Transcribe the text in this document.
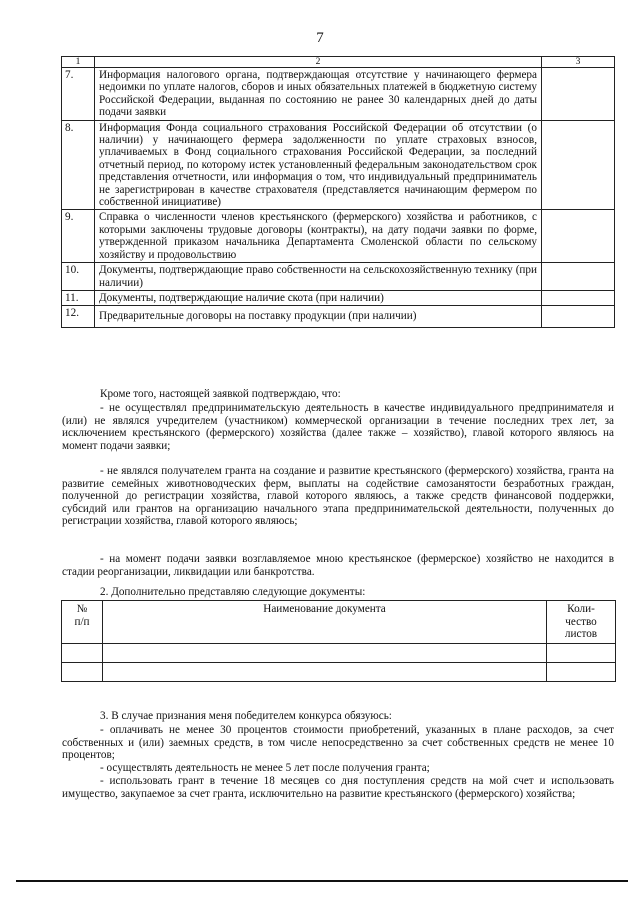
7
1	2	3
7.	Информация налогового органа, подтверждающая отсутствие у начинающего фермера недоимки по уплате налогов, сборов и иных обязательных платежей в бюджетную систему Российской Федерации, выданная по состоянию не ранее 30 календарных дней до даты подачи заявки	
8.	Информация Фонда социального страхования Российской Федерации об отсутствии (о наличии) у начинающего фермера задолженности по уплате страховых взносов, уплачиваемых в Фонд социального страхования Российской Федерации, за последний отчетный период, по которому истек установленный федеральным законодательством срок представления отчетности, или информация о том, что индивидуальный предприниматель не зарегистрирован в качестве страхователя (представляется начинающим фермером по собственной инициативе)	
9.	Справка о численности членов крестьянского (фермерского) хозяйства и работников, с которыми заключены трудовые договоры (контракты), на дату подачи заявки по форме, утвержденной приказом начальника Департамента Смоленской области по сельскому хозяйству и продовольствию	
10.	Документы, подтверждающие право собственности на сельскохозяйственную технику (при наличии)	
11.	Документы, подтверждающие наличие скота (при наличии)	
12.	Предварительные договоры на поставку продукции (при наличии)	

Кроме того, настоящей заявкой подтверждаю, что:

- не осуществлял предпринимательскую деятельность в качестве индивидуального предпринимателя и (или) не являлся учредителем (участником) коммерческой организации в течение последних трех лет, за исключением крестьянского (фермерского) хозяйства (далее также – хозяйство), главой которого являюсь на момент подачи заявки;

- не являлся получателем гранта на создание и развитие крестьянского (фермерского) хозяйства, гранта на развитие семейных животноводческих ферм, выплаты на содействие самозанятости безработных граждан, полученной до регистрации хозяйства, главой которого являюсь, а также средств финансовой поддержки, субсидий или грантов на организацию начального этапа предпринимательской деятельности, полученных до регистрации хозяйства, главой которого являюсь;

- на момент подачи заявки возглавляемое мною крестьянское (фермерское) хозяйство не находится в стадии реорганизации, ликвидации или банкротства.

2. Дополнительно представляю следующие документы:

№
п/п	Наименование документа	Коли-
чество
листов

3. В случае признания меня победителем конкурса обязуюсь:

- оплачивать не менее 30 процентов стоимости приобретений, указанных в плане расходов, за счет собственных и (или) заемных средств, в том числе непосредственно за счет собственных средств не менее 10 процентов;

- осуществлять деятельность не менее 5 лет после получения гранта;

- использовать грант в течение 18 месяцев со дня поступления средств на мой счет и использовать имущество, закупаемое за счет гранта, исключительно на развитие крестьянского (фермерского) хозяйства;
